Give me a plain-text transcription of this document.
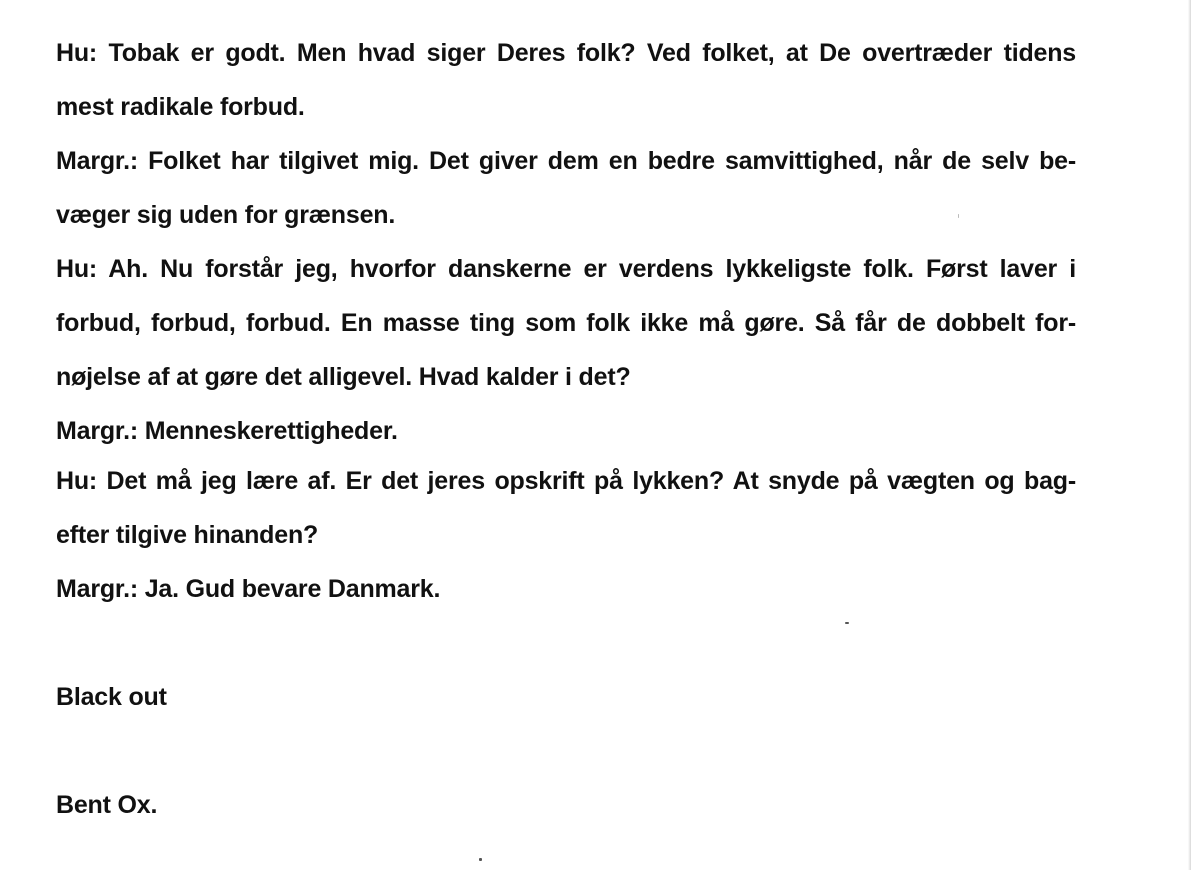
Hu: Tobak er godt. Men hvad siger Deres folk? Ved folket, at De overtræder tidens
mest radikale forbud.
Margr.: Folket har tilgivet mig. Det giver dem en bedre samvittighed, når de selv be-
væger sig uden for grænsen.
Hu: Ah. Nu forstår jeg, hvorfor danskerne er verdens lykkeligste folk. Først laver i
forbud, forbud, forbud. En masse ting som folk ikke må gøre. Så får de dobbelt for-
nøjelse af at gøre det alligevel. Hvad kalder i det?
Margr.: Menneskerettigheder.
Hu: Det må jeg lære af. Er det jeres opskrift på lykken? At snyde på vægten og bag-
efter tilgive hinanden?
Margr.: Ja. Gud bevare Danmark.
Black out
Bent Ox.
